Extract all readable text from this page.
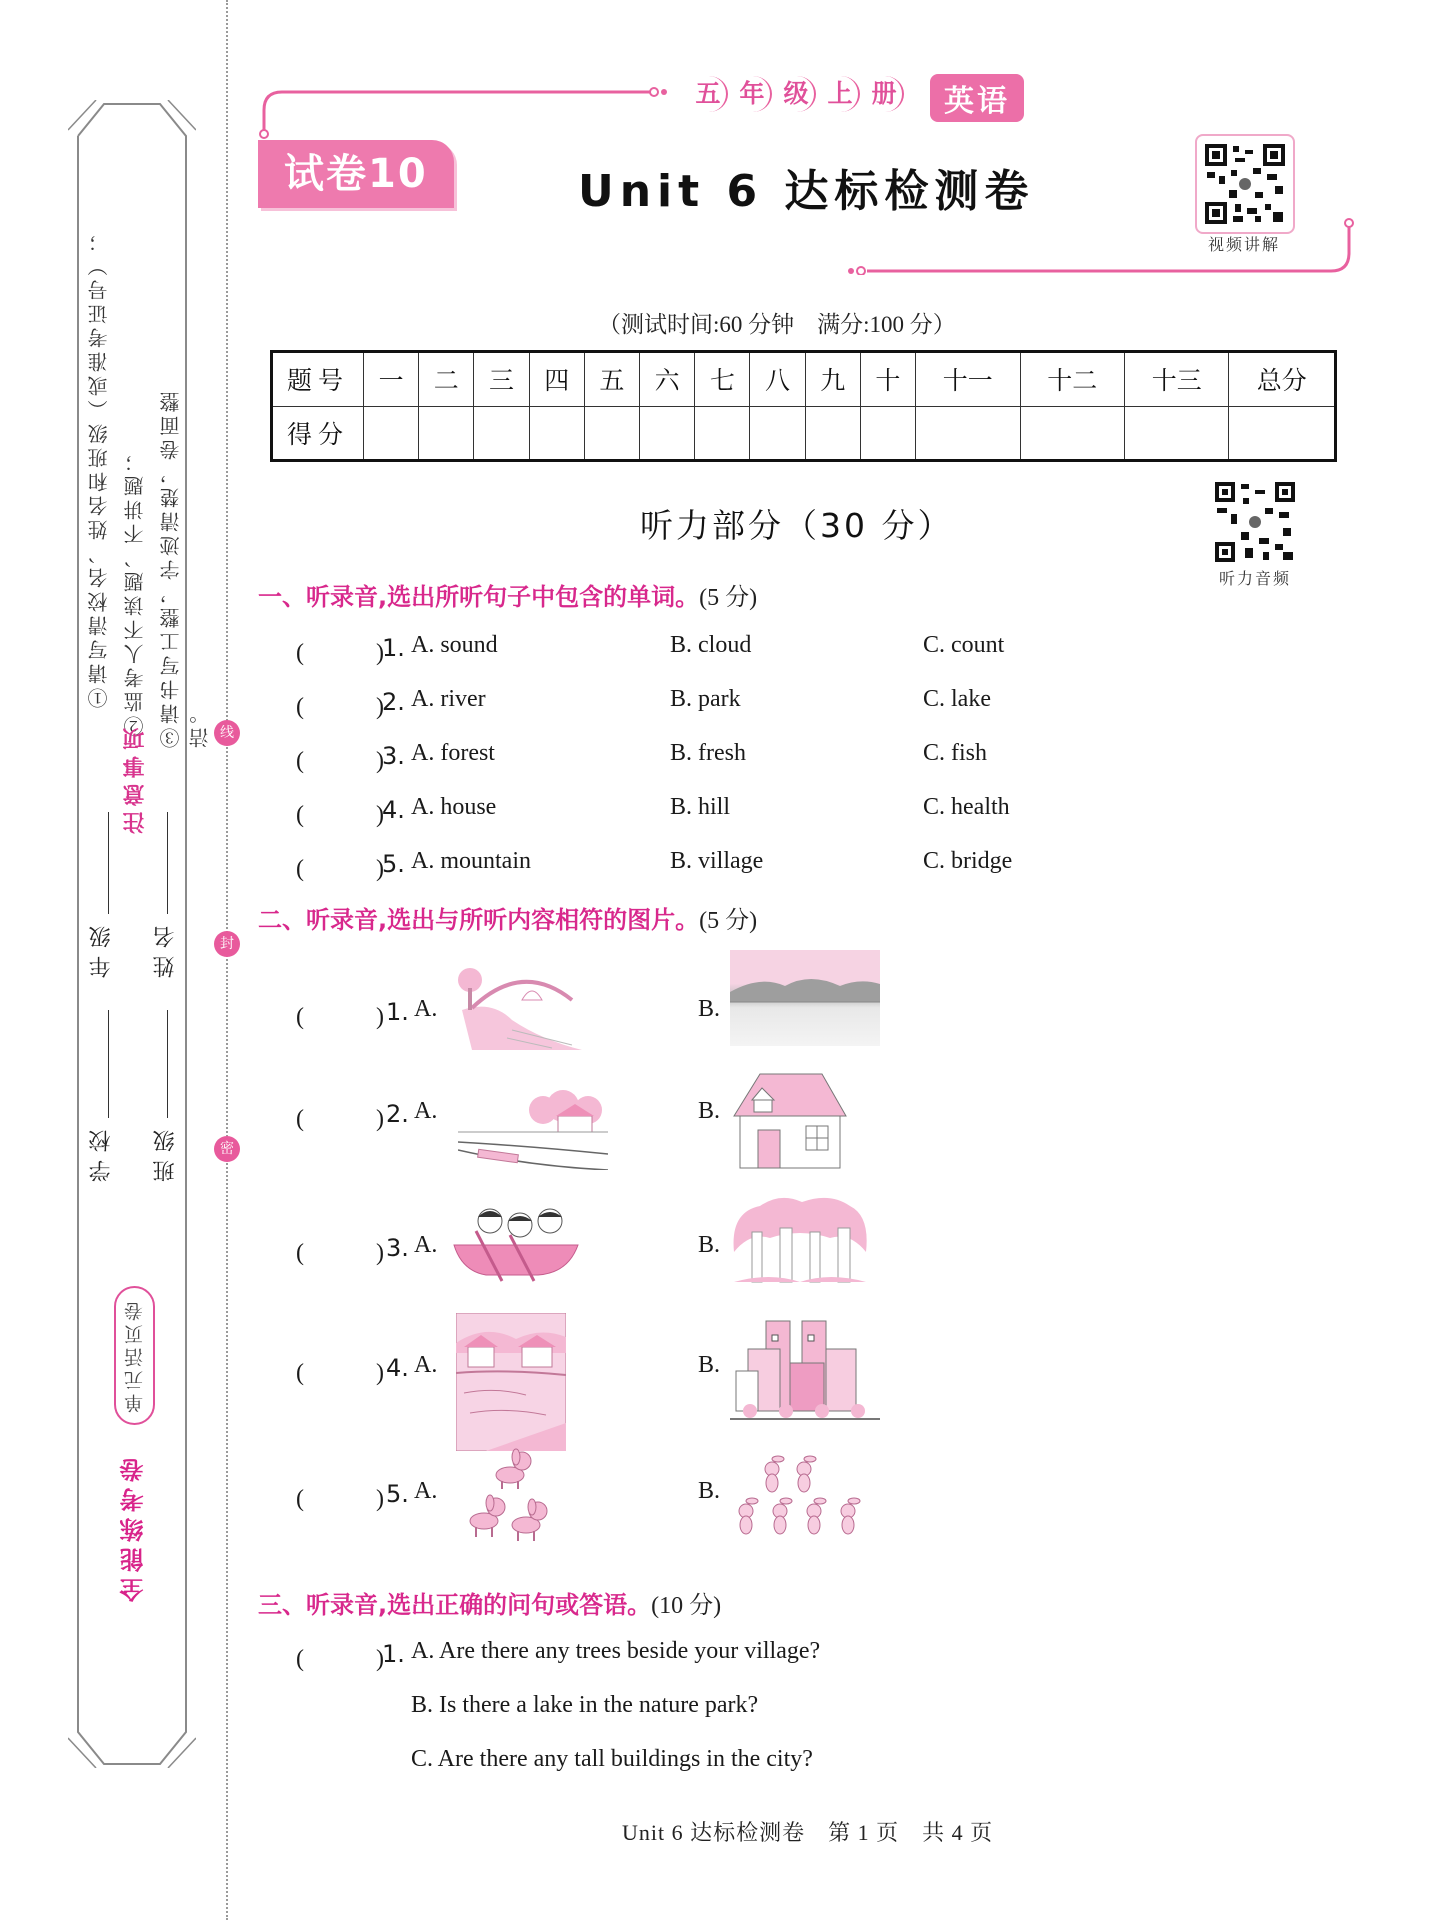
线
封
密
①请写清校名、姓名和班级（或准考证号）； ②监考人不读题、不讲题； ③请书写工整，字迹清楚，卷面整洁。
注意事项
年级
学校
姓名
班级
单元活页卷
全能练考卷
五 年 级 上 册	英语
试卷10	Unit 6 达标检测卷
视频讲解
（测试时间:60 分钟　满分:100 分）
题号	一	二	三	四	五	六	七	八	九	十	十一	十二	十三	总分
得分														
听力部分（30 分）
听力音频
一、听录音,选出所听句子中包含的单词。(5 分)
(　　　)
1. A. sound	B. cloud	C. count
(　　　)
2. A. river	B. park	C. lake
(　　　)
3. A. forest	B. fresh	C. fish
(　　　)
4. A. house	B. hill	C. health
(　　　)
5. A. mountain	B. village	C. bridge
二、听录音,选出与所听内容相符的图片。(5 分)
(　　　) 1. A.	B.
(　　　) 2. A.	B.
(　　　) 3. A.	B.
(　　　) 4. A.	B.
(　　　) 5. A.	B.
三、听录音,选出正确的问句或答语。(10 分)
(　　　)
1. A. Are there any trees beside your village?
B. Is there a lake in the nature park?
C. Are there any tall buildings in the city?
Unit 6 达标检测卷　第 1 页　共 4 页
